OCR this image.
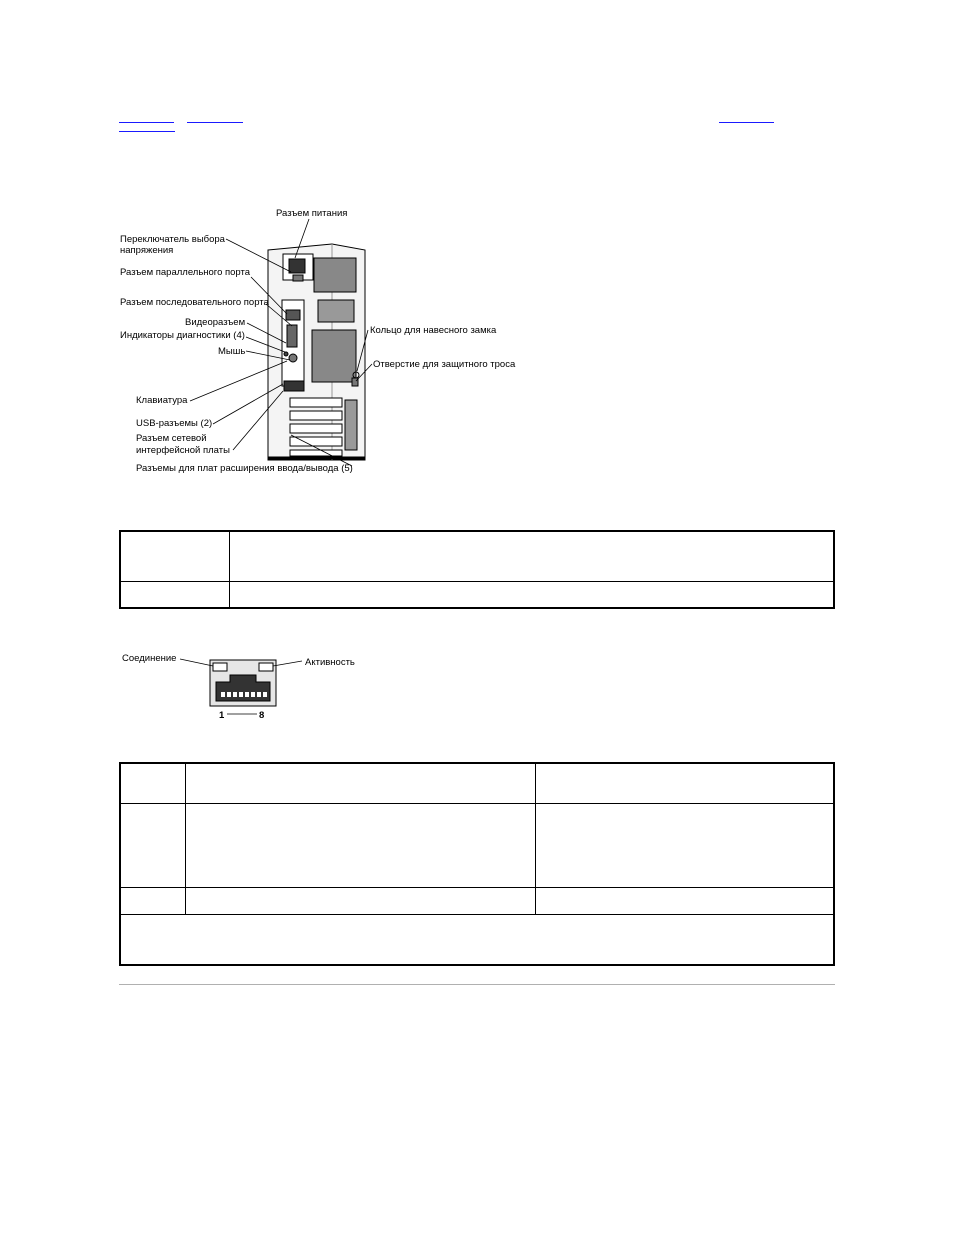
Разъем питания
Переключатель выбора
напряжения
Разъем параллельного порта
Разъем последовательного порта
Видеоразъем
Индикаторы диагностики (4)
Мышь
Клавиатура
USB-разъемы (2)
Разъем сетевой
интерфейсной платы
Разъемы для плат расширения ввода/вывода (5)
Кольцо для навесного замка
Отверстие для защитного троса
Соединение	Активность
1	8
